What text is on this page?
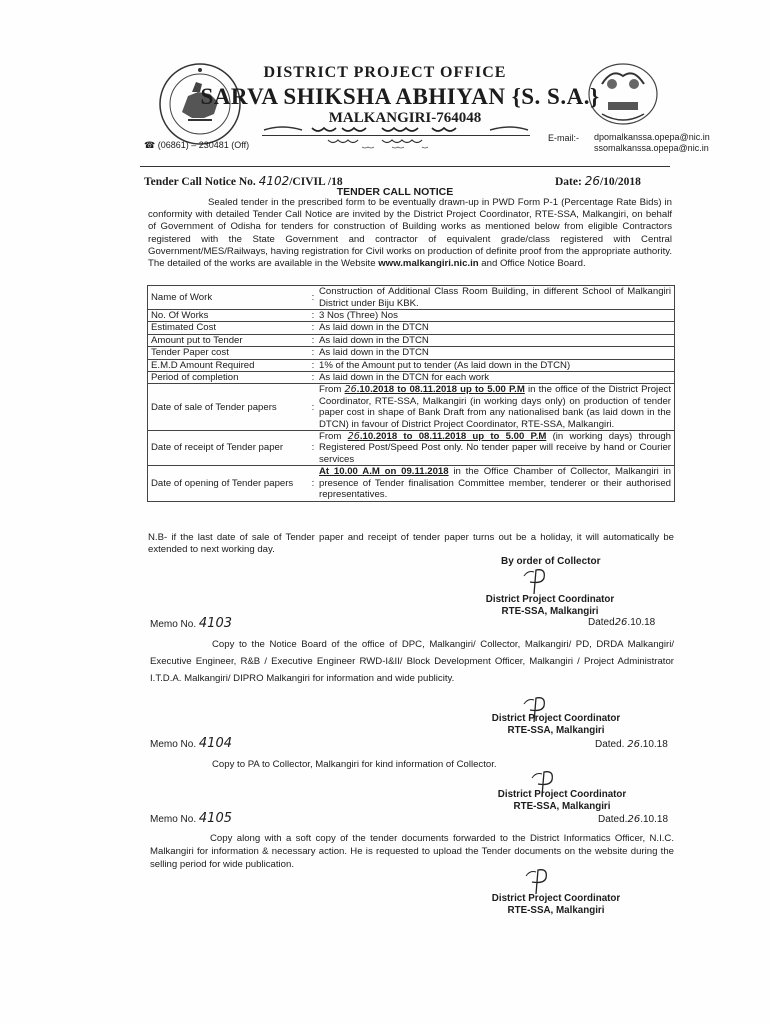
DISTRICT PROJECT OFFICE
SARVA SHIKSHA ABHIYAN {S. S.A.}
MALKANGIRI-764048
☎ (06861) – 230481 (Off)
E-mail:- dpomalkanssa.opepa@nic.in
ssomalkanssa.opepa@nic.in
Tender Call Notice No. 4102/CIVIL /18	Date: 26/10/2018
TENDER CALL NOTICE
Sealed tender in the prescribed form to be eventually drawn-up in PWD Form P-1 (Percentage Rate Bids) in conformity with detailed Tender Call Notice are invited by the District Project Coordinator, RTE-SSA, Malkangiri, on behalf of Government of Odisha for tenders for construction of Building works as mentioned below from eligible Contractors registered with the State Government and contractor of equivalent grade/class registered with Central Government/MES/Railways, having registration for Civil works on production of definite proof from the appropriate authority. The detailed of the works are available in the Website www.malkangiri.nic.in and Office Notice Board.
Name of Work	:	Construction of Additional Class Room Building, in different School of Malkangiri District under Biju KBK.
No. Of Works	:	3 Nos (Three) Nos
Estimated Cost	:	As laid down in the DTCN
Amount put to Tender	:	As laid down in the DTCN
Tender Paper cost	:	As laid down in the DTCN
E.M.D Amount Required	:	1% of the Amount put to tender (As laid down in the DTCN)
Period of completion	:	As laid down in the DTCN for each work
Date of sale of Tender papers	:	From 26.10.2018 to 08.11.2018 up to 5.00 P.M in the office of the District Project Coordinator, RTE-SSA, Malkangiri (in working days only) on production of tender paper cost in shape of Bank Draft from any nationalised bank (as laid down in the DTCN) in favour of District Project Coordinator, RTE-SSA, Malkangiri.
Date of receipt of Tender paper	:	From 26.10.2018 to 08.11.2018 up to 5.00 P.M (in working days) through Registered Post/Speed Post only. No tender paper will receive by hand or Courier services
Date of opening of Tender papers	:	At 10.00 A.M on 09.11.2018 in the Office Chamber of Collector, Malkangiri in presence of Tender finalisation Committee member, tenderer or their authorised representatives.
N.B- if the last date of sale of Tender paper and receipt of tender paper turns out be a holiday, it will automatically be extended to next working day.
By order of Collector
District Project Coordinator
RTE-SSA, Malkangiri
Memo No. 4103	Dated26.10.18
Copy to the Notice Board of the office of DPC, Malkangiri/ Collector, Malkangiri/ PD, DRDA Malkangiri/ Executive Engineer, R&B / Executive Engineer RWD-I&II/ Block Development Officer, Malkangiri / Project Administrator I.T.D.A. Malkangiri/ DIPRO Malkangiri for information and wide publicity.
District Project Coordinator
RTE-SSA, Malkangiri
Memo No. 4104	Dated. 26.10.18
Copy to PA to Collector, Malkangiri for kind information of Collector.
District Project Coordinator
RTE-SSA, Malkangiri
Memo No. 4105	Dated.26.10.18
Copy along with a soft copy of the tender documents forwarded to the District Informatics Officer, N.I.C. Malkangiri for information & necessary action. He is requested to upload the Tender documents on the website during the selling period for wide publication.
District Project Coordinator
RTE-SSA, Malkangiri
